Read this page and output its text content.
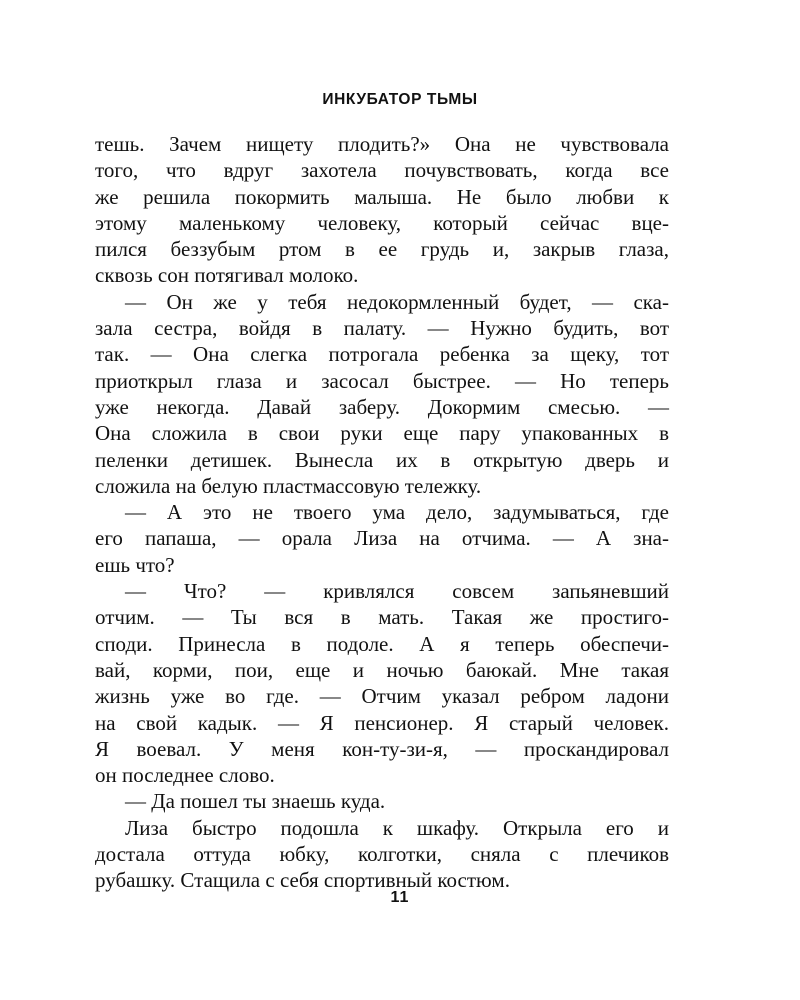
ИНКУБАТОР ТЬМЫ
тешь. Зачем нищету плодить?» Она не чувствовала
того, что вдруг захотела почувствовать, когда все
же решила покормить малыша. Не было любви к
этому маленькому человеку, который сейчас вце-
пился беззубым ртом в ее грудь и, закрыв глаза,
сквозь сон потягивал молоко.
— Он же у тебя недокормленный будет, — ска-
зала сестра, войдя в палату. — Нужно будить, вот
так. — Она слегка потрогала ребенка за щеку, тот
приоткрыл глаза и засосал быстрее. — Но теперь
уже некогда. Давай заберу. Докормим смесью. —
Она сложила в свои руки еще пару упакованных в
пеленки детишек. Вынесла их в открытую дверь и
сложила на белую пластмассовую тележку.
— А это не твоего ума дело, задумываться, где
его папаша, — орала Лиза на отчима. — А зна-
ешь что?
— Что? — кривлялся совсем запьяневший
отчим. — Ты вся в мать. Такая же простиго-
споди. Принесла в подоле. А я теперь обеспечи-
вай, корми, пои, еще и ночью баюкай. Мне такая
жизнь уже во где. — Отчим указал ребром ладони
на свой кадык. — Я пенсионер. Я старый человек.
Я воевал. У меня кон-ту-зи-я, — проскандировал
он последнее слово.
— Да пошел ты знаешь куда.
Лиза быстро подошла к шкафу. Открыла его и
достала оттуда юбку, колготки, сняла с плечиков
рубашку. Стащила с себя спортивный костюм.
11
